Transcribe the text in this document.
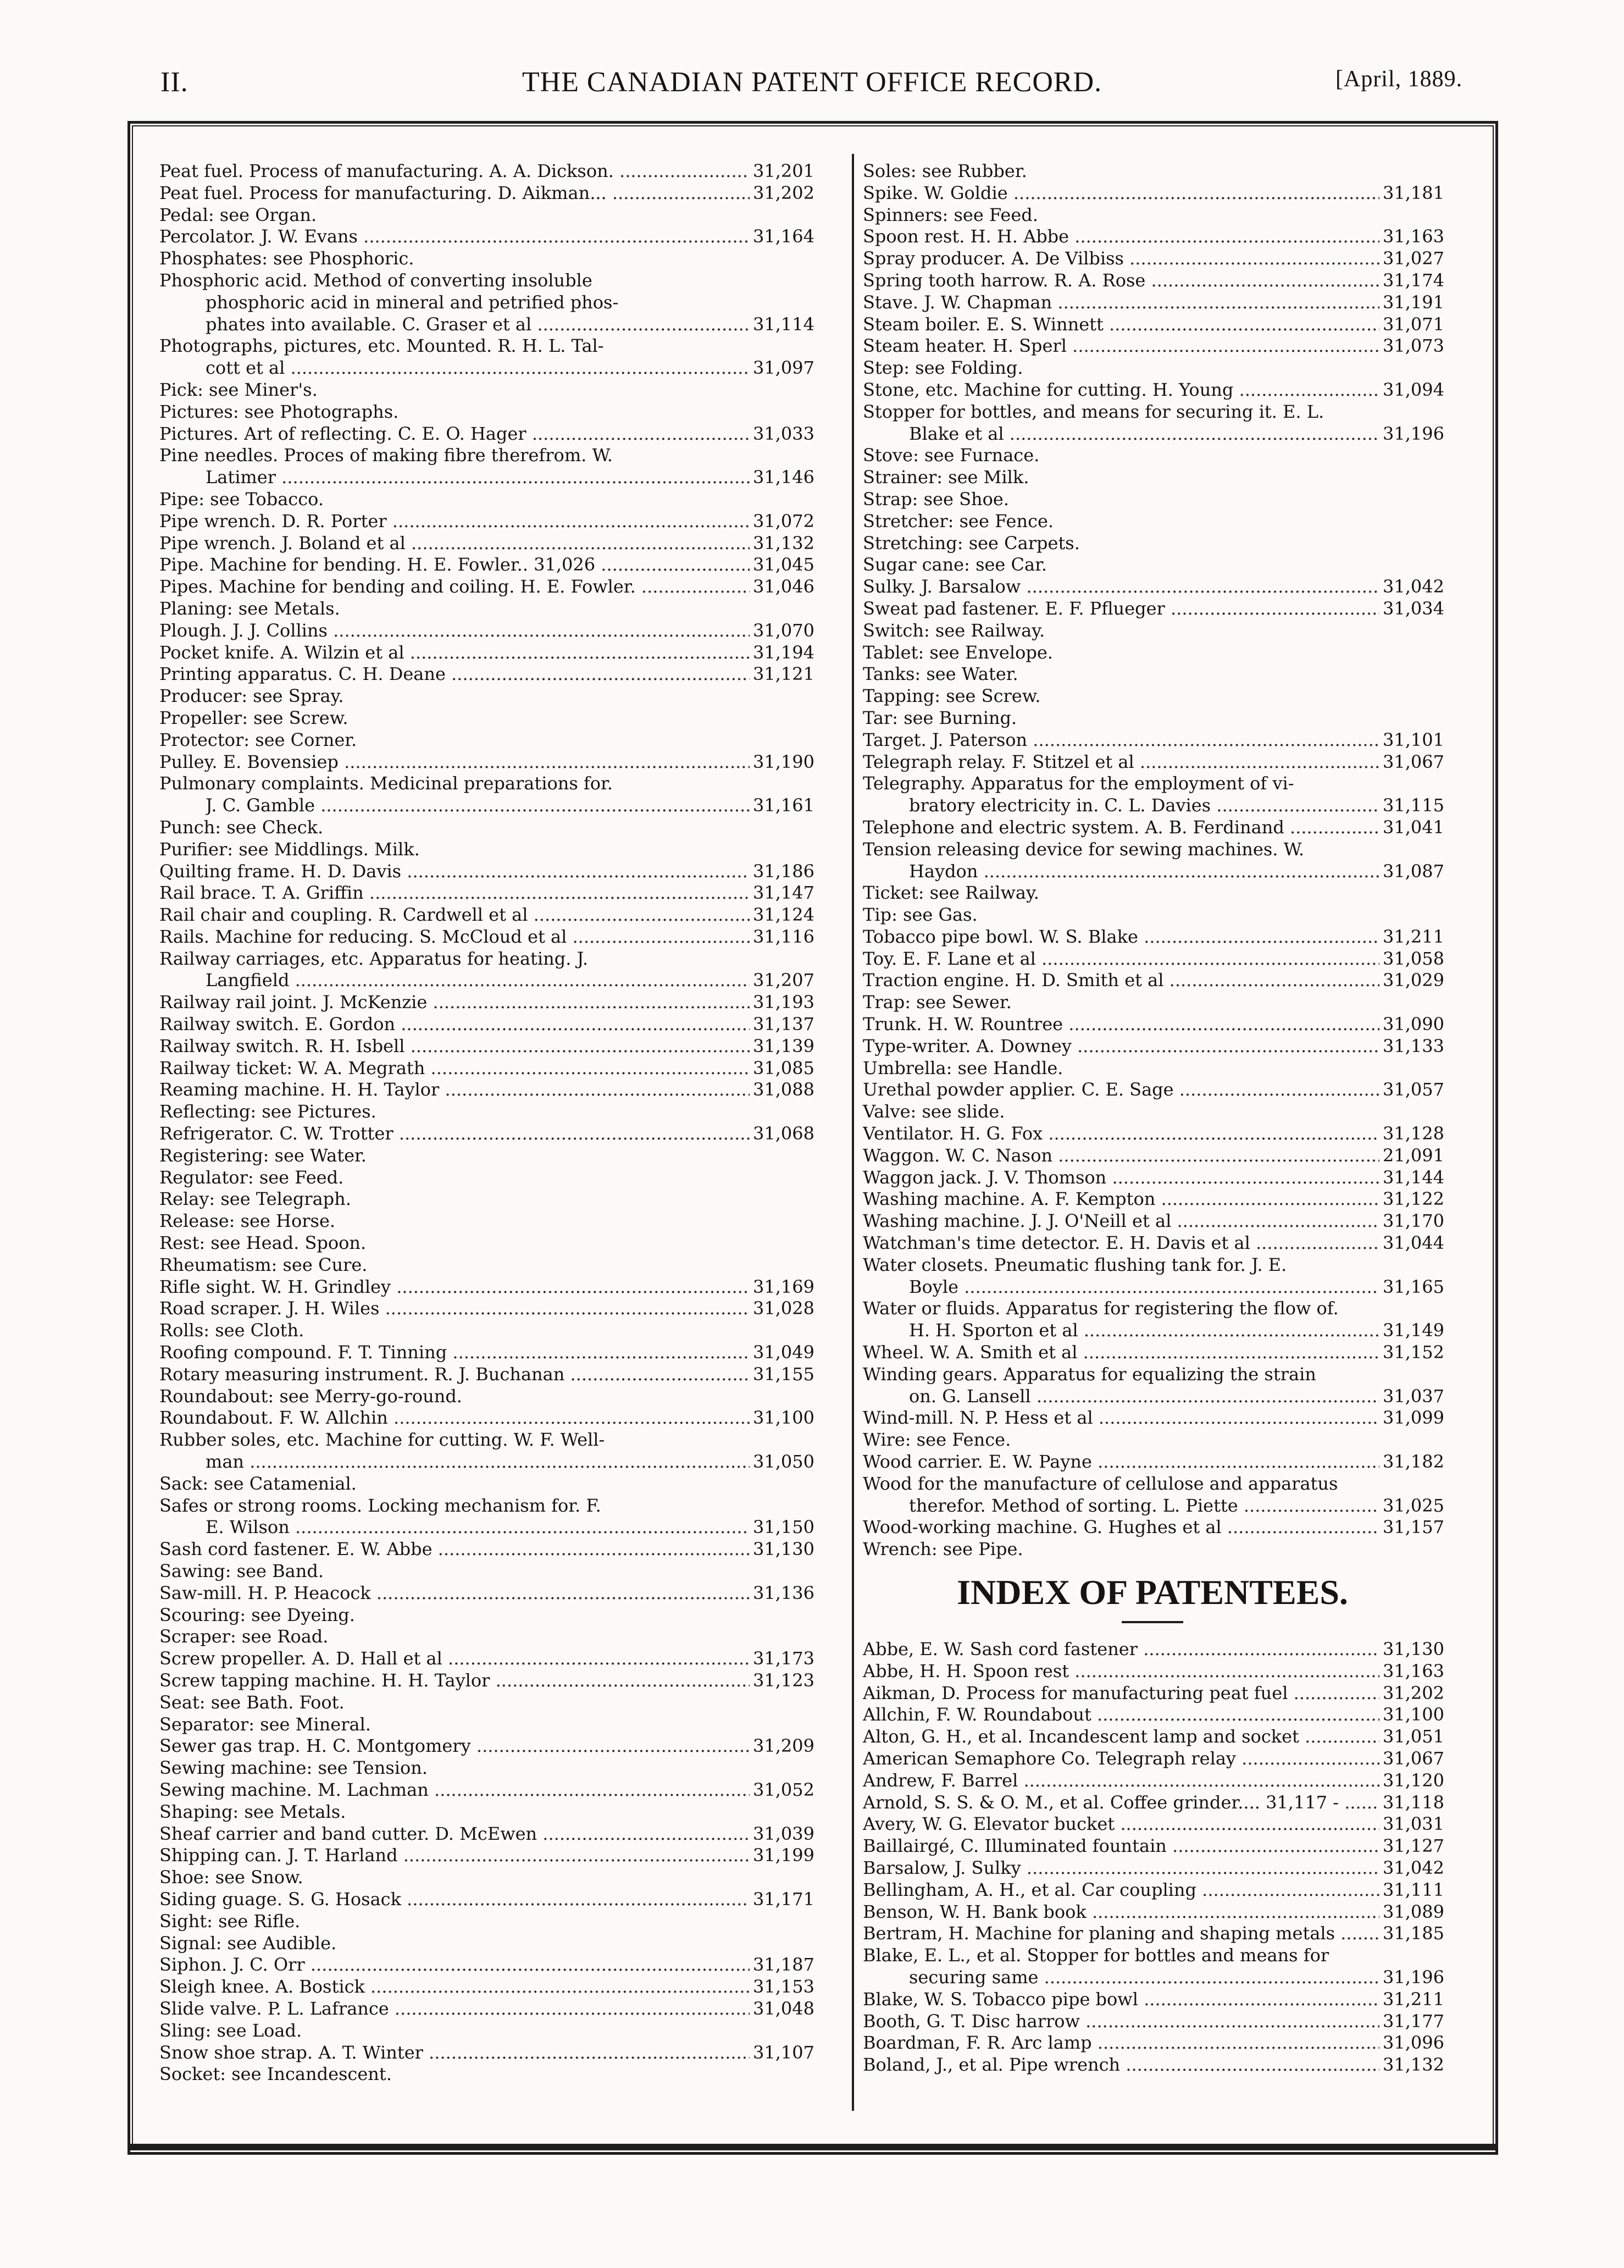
II.	THE CANADIAN PATENT OFFICE RECORD.	[April, 1889.
Peat fuel. Process of manufacturing. A. A. Dickson. .....	31,201
Peat fuel. Process for manufacturing. D. Aikman... .....	31,202
Pedal: see Organ.
Percolator. J. W. Evans .....	31,164
Phosphates: see Phosphoric.
Phosphoric acid. Method of converting insoluble
phosphoric acid in mineral and petrified phos-
phates into available. C. Graser et al .....	31,114
Photographs, pictures, etc. Mounted. R. H. L. Tal-
cott et al .....	31,097
Pick: see Miner's.
Pictures: see Photographs.
Pictures. Art of reflecting. C. E. O. Hager .....	31,033
Pine needles. Proces of making fibre therefrom. W.
Latimer .....	31,146
Pipe: see Tobacco.
Pipe wrench. D. R. Porter .....	31,072
Pipe wrench. J. Boland et al .....	31,132
Pipe. Machine for bending. H. E. Fowler.. 31,026 .....	31,045
Pipes. Machine for bending and coiling. H. E. Fowler. .....	31,046
Planing: see Metals.
Plough. J. J. Collins .....	31,070
Pocket knife. A. Wilzin et al .....	31,194
Printing apparatus. C. H. Deane .....	31,121
Producer: see Spray.
Propeller: see Screw.
Protector: see Corner.
Pulley. E. Bovensiep .....	31,190
Pulmonary complaints. Medicinal preparations for.
J. C. Gamble .....	31,161
Punch: see Check.
Purifier: see Middlings. Milk.
Quilting frame. H. D. Davis .....	31,186
Rail brace. T. A. Griffin .....	31,147
Rail chair and coupling. R. Cardwell et al .....	31,124
Rails. Machine for reducing. S. McCloud et al .....	31,116
Railway carriages, etc. Apparatus for heating. J.
Langfield .....	31,207
Railway rail joint. J. McKenzie .....	31,193
Railway switch. E. Gordon .....	31,137
Railway switch. R. H. Isbell .....	31,139
Railway ticket: W. A. Megrath .....	31,085
Reaming machine. H. H. Taylor .....	31,088
Reflecting: see Pictures.
Refrigerator. C. W. Trotter .....	31,068
Registering: see Water.
Regulator: see Feed.
Relay: see Telegraph.
Release: see Horse.
Rest: see Head. Spoon.
Rheumatism: see Cure.
Rifle sight. W. H. Grindley .....	31,169
Road scraper. J. H. Wiles .....	31,028
Rolls: see Cloth.
Roofing compound. F. T. Tinning .....	31,049
Rotary measuring instrument. R. J. Buchanan .....	31,155
Roundabout: see Merry-go-round.
Roundabout. F. W. Allchin .....	31,100
Rubber soles, etc. Machine for cutting. W. F. Well-
man .....	31,050
Sack: see Catamenial.
Safes or strong rooms. Locking mechanism for. F.
E. Wilson .....	31,150
Sash cord fastener. E. W. Abbe .....	31,130
Sawing: see Band.
Saw-mill. H. P. Heacock .....	31,136
Scouring: see Dyeing.
Scraper: see Road.
Screw propeller. A. D. Hall et al .....	31,173
Screw tapping machine. H. H. Taylor .....	31,123
Seat: see Bath. Foot.
Separator: see Mineral.
Sewer gas trap. H. C. Montgomery .....	31,209
Sewing machine: see Tension.
Sewing machine. M. Lachman .....	31,052
Shaping: see Metals.
Sheaf carrier and band cutter. D. McEwen .....	31,039
Shipping can. J. T. Harland .....	31,199
Shoe: see Snow.
Siding guage. S. G. Hosack .....	31,171
Sight: see Rifle.
Signal: see Audible.
Siphon. J. C. Orr .....	31,187
Sleigh knee. A. Bostick .....	31,153
Slide valve. P. L. Lafrance .....	31,048
Sling: see Load.
Snow shoe strap. A. T. Winter .....	31,107
Socket: see Incandescent.
Soles: see Rubber.
Spike. W. Goldie .....	31,181
Spinners: see Feed.
Spoon rest. H. H. Abbe .....	31,163
Spray producer. A. De Vilbiss .....	31,027
Spring tooth harrow. R. A. Rose .....	31,174
Stave. J. W. Chapman .....	31,191
Steam boiler. E. S. Winnett .....	31,071
Steam heater. H. Sperl .....	31,073
Step: see Folding.
Stone, etc. Machine for cutting. H. Young .....	31,094
Stopper for bottles, and means for securing it. E. L.
Blake et al .....	31,196
Stove: see Furnace.
Strainer: see Milk.
Strap: see Shoe.
Stretcher: see Fence.
Stretching: see Carpets.
Sugar cane: see Car.
Sulky. J. Barsalow .....	31,042
Sweat pad fastener. E. F. Pflueger .....	31,034
Switch: see Railway.
Tablet: see Envelope.
Tanks: see Water.
Tapping: see Screw.
Tar: see Burning.
Target. J. Paterson .....	31,101
Telegraph relay. F. Stitzel et al .....	31,067
Telegraphy. Apparatus for the employment of vi-
bratory electricity in. C. L. Davies .....	31,115
Telephone and electric system. A. B. Ferdinand .....	31,041
Tension releasing device for sewing machines. W.
Haydon .....	31,087
Ticket: see Railway.
Tip: see Gas.
Tobacco pipe bowl. W. S. Blake .....	31,211
Toy. E. F. Lane et al .....	31,058
Traction engine. H. D. Smith et al .....	31,029
Trap: see Sewer.
Trunk. H. W. Rountree .....	31,090
Type-writer. A. Downey .....	31,133
Umbrella: see Handle.
Urethal powder applier. C. E. Sage .....	31,057
Valve: see slide.
Ventilator. H. G. Fox .....	31,128
Waggon. W. C. Nason .....	21,091
Waggon jack. J. V. Thomson .....	31,144
Washing machine. A. F. Kempton .....	31,122
Washing machine. J. J. O'Neill et al .....	31,170
Watchman's time detector. E. H. Davis et al .....	31,044
Water closets. Pneumatic flushing tank for. J. E.
Boyle .....	31,165
Water or fluids. Apparatus for registering the flow of.
H. H. Sporton et al .....	31,149
Wheel. W. A. Smith et al .....	31,152
Winding gears. Apparatus for equalizing the strain
on. G. Lansell .....	31,037
Wind-mill. N. P. Hess et al .....	31,099
Wire: see Fence.
Wood carrier. E. W. Payne .....	31,182
Wood for the manufacture of cellulose and apparatus
therefor. Method of sorting. L. Piette .....	31,025
Wood-working machine. G. Hughes et al .....	31,157
Wrench: see Pipe.
INDEX OF PATENTEES.
Abbe, E. W. Sash cord fastener .....	31,130
Abbe, H. H. Spoon rest .....	31,163
Aikman, D. Process for manufacturing peat fuel .....	31,202
Allchin, F. W. Roundabout .....	31,100
Alton, G. H., et al. Incandescent lamp and socket .....	31,051
American Semaphore Co. Telegraph relay .....	31,067
Andrew, F. Barrel .....	31,120
Arnold, S. S. & O. M., et al. Coffee grinder.... 31,117 - .....	31,118
Avery, W. G. Elevator bucket .....	31,031
Baillairgé, C. Illuminated fountain .....	31,127
Barsalow, J. Sulky .....	31,042
Bellingham, A. H., et al. Car coupling .....	31,111
Benson, W. H. Bank book .....	31,089
Bertram, H. Machine for planing and shaping metals .....	31,185
Blake, E. L., et al. Stopper for bottles and means for
securing same .....	31,196
Blake, W. S. Tobacco pipe bowl .....	31,211
Booth, G. T. Disc harrow .....	31,177
Boardman, F. R. Arc lamp .....	31,096
Boland, J., et al. Pipe wrench .....	31,132
